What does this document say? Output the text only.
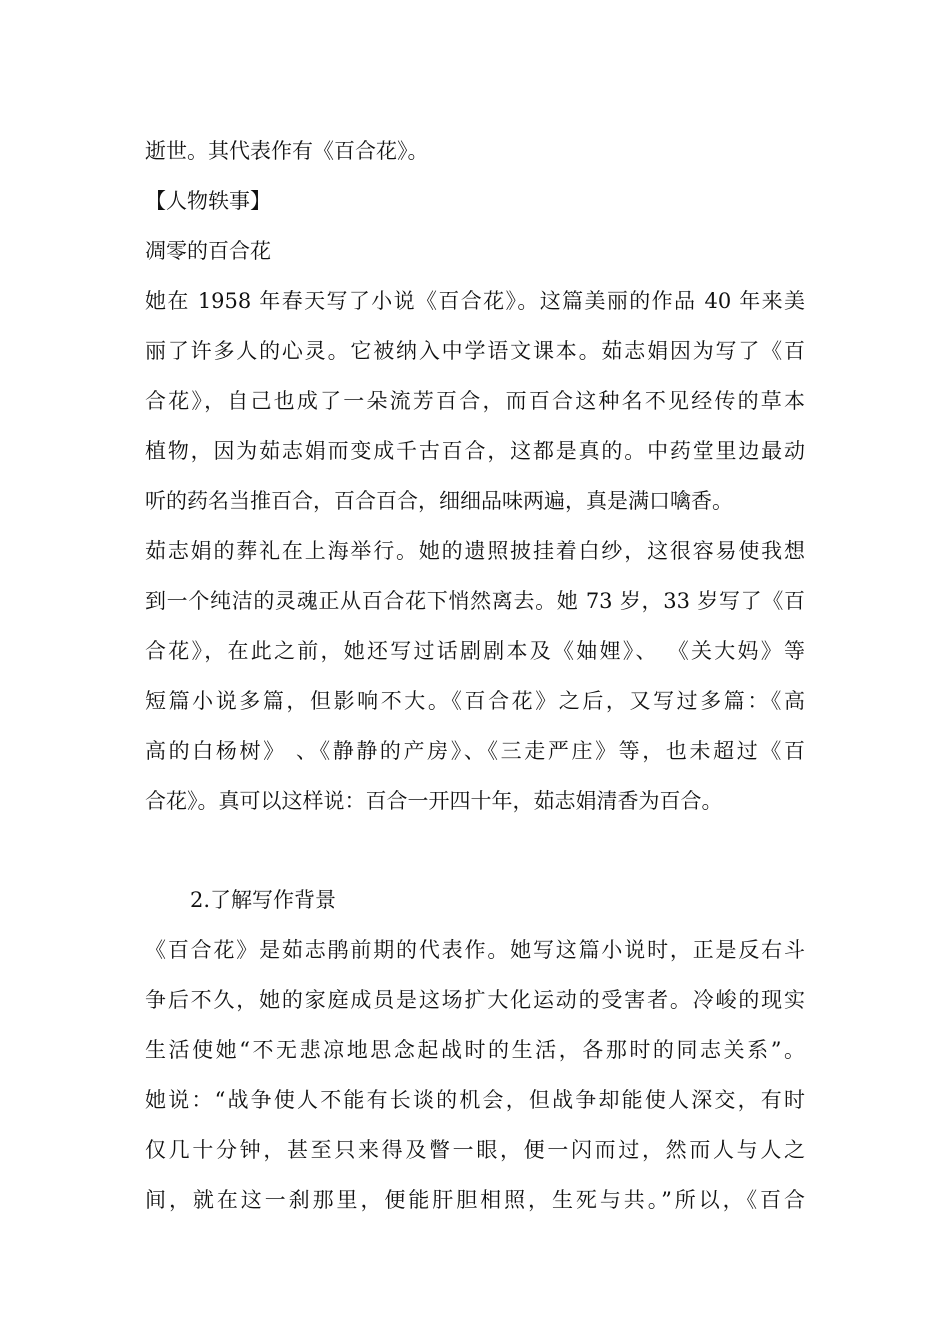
逝世。其代表作有《百合花》。
【人物轶事】
凋零的百合花
她在 1958 年春天写了小说《百合花》。这篇美丽的作品 40 年来美
丽了许多人的心灵。它被纳入中学语文课本。茹志娟因为写了《百
合花》，自己也成了一朵流芳百合，而百合这种名不见经传的草本
植物，因为茹志娟而变成千古百合，这都是真的。中药堂里边最动
听的药名当推百合，百合百合，细细品味两遍，真是满口噙香。
茹志娟的葬礼在上海举行。她的遗照披挂着白纱，这很容易使我想
到一个纯洁的灵魂正从百合花下悄然离去。她 73 岁，33 岁写了《百
合花》，在此之前，她还写过话剧剧本及《妯娌》、 《关大妈》等
短篇小说多篇，但影响不大。《百合花》之后，又写过多篇：《高
高的白杨树》 、《静静的产房》、《三走严庄》等，也未超过《百
合花》。真可以这样说：百合一开四十年，茹志娟清香为百合。
2.了解写作背景
《百合花》是茹志鹃前期的代表作。她写这篇小说时，正是反右斗
争后不久，她的家庭成员是这场扩大化运动的受害者。冷峻的现实
生活使她“不无悲凉地思念起战时的生活，各那时的同志关系”。
她说：“战争使人不能有长谈的机会，但战争却能使人深交，有时
仅几十分钟，甚至只来得及瞥一眼，便一闪而过，然而人与人之
间，就在这一刹那里，便能肝胆相照，生死与共。”所以，《百合
